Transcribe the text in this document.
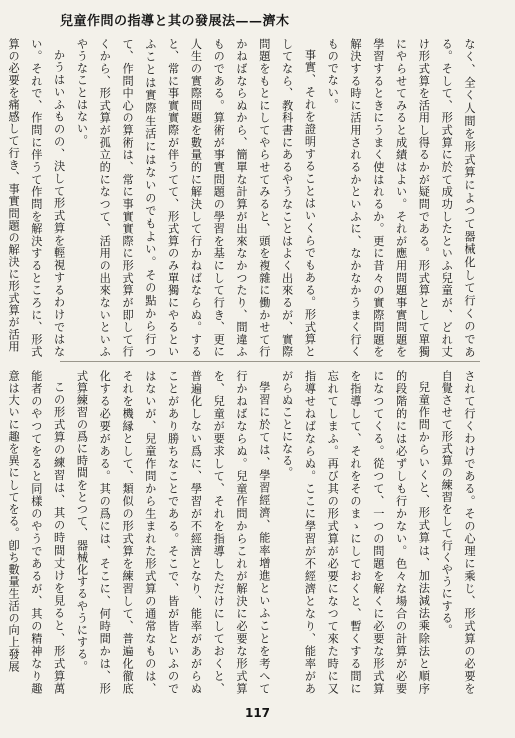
兒童作問の指導と其の發展法——濟木

なく、全く人間を形式算によつて器械化して行くのである。そして、形式算に於て成功したといふ兒童が、どれ丈け形式算を活用し得るかが疑問である。形式算として單獨にやらせてみると成績はよい。それが應用問題事實問題を學習するときにうまく使はれるか。更に昔々の實際問題を解決する時に活用されるかといふに、なかなかうまく行くものでない。

事實、それを證明することはいくらでもある。形式算としてなら、教科書にあるやうなことはよく出來るが、實際問題をもとにしてやらせてみると、頭を複雜に働かせて行かねばならぬから、簡單な計算が出來なかつたり、間違ふものである。算術が事實問題の學習を基にして行き、更に人生の實際問題を數量的に解決して行かねばならぬ。すると、常に事實實際が伴うてて、形式算のみ單獨にやるといふことは實際生活にはないのでもよい。その點から行つて、作問中心の算術は、常に事實實際に形式算が即して行くから、形式算が孤立的になつて、活用の出來ないといふやうなことはない。

かうはいふものの、決して形式算を輕視するわけではない。それで、作問に伴うて作問を解決するところに、形式算の必要を痛感して行き、事實問題の解決に形式算が活用

されて行くわけである。その心理に乘じ、形式算の必要を自覺させて形式算の練習をして行くやうにする。

兒童作問からいくと、形式算は、加法減法乘除法と順序的段階的には必ずしも行かない。色々な場合の計算が必要になつてくる。從つて、一つの問題を解くに必要な形式算を指導して、それをそのまゝにしておくと、暫くする間に忘れてしまふ。再び其の形式算が必要になつて來た時に又指導せねばならぬ。ここに學習が不經濟となり、能率があがらぬことになる。

學習に於ては、學習經濟、能率增進といふことを考へて行かねばならぬ。兒童作問からこれが解決に必要な形式算を、兒童が要求して、それを指導しただけにしておくと、普遍化しない爲に、學習が不經濟となり、能率があがらぬことがあり勝ちなことである。そこで、皆が皆といふのではないが、兒童作問から生まれた形式算の通常なものは、それを機縁として、類似の形式算を練習して、普遍化徹底化する必要がある。其の爲には、そこに、何時間かは、形式算練習の爲に時間をとつて、器械化するやうにする。

この形式算の練習は、其の時間丈けを見ると、形式算萬能者のやつてをると同樣のやうであるが、其の精神なり趣意は大いに趣を異にしてをる。卽ち數量生活の向上發展

117
